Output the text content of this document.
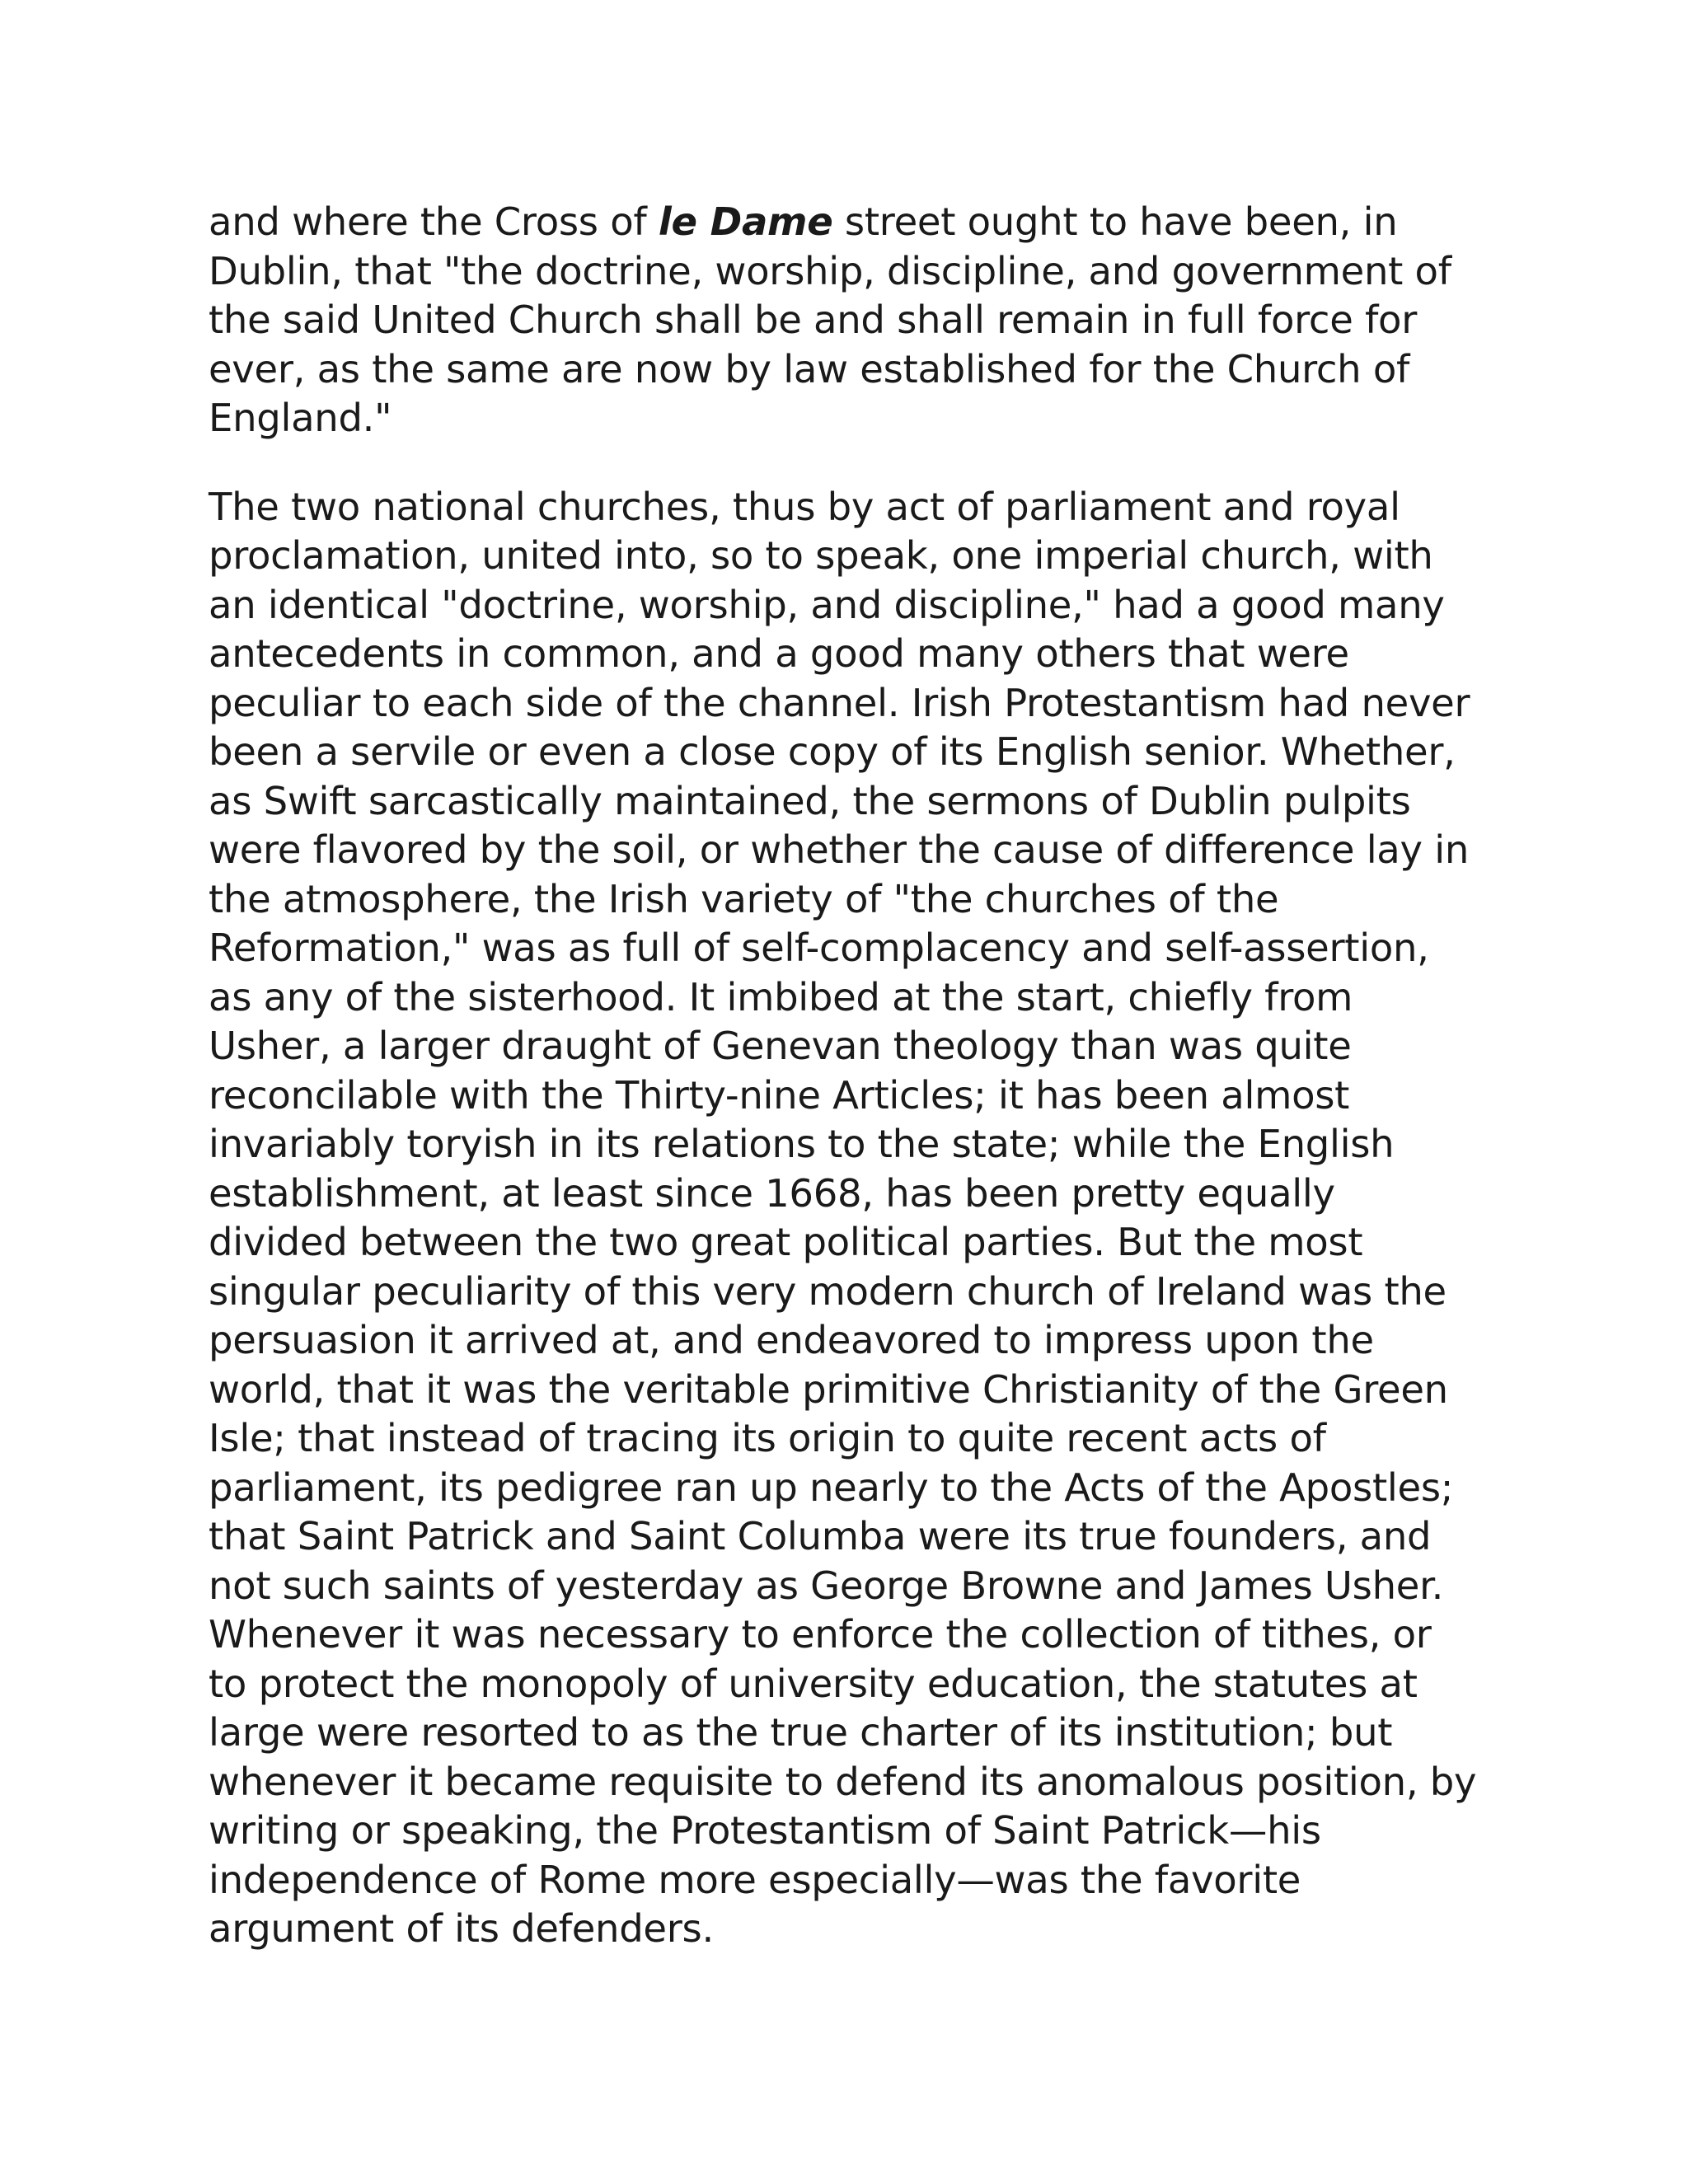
and where the Cross of le Dame street ought to have been, in Dublin, that "the doctrine, worship, discipline, and government of the said United Church shall be and shall remain in full force for ever, as the same are now by law established for the Church of England."

The two national churches, thus by act of parliament and royal proclamation, united into, so to speak, one imperial church, with an identical "doctrine, worship, and discipline," had a good many antecedents in common, and a good many others that were peculiar to each side of the channel. Irish Protestantism had never been a servile or even a close copy of its English senior. Whether, as Swift sarcastically maintained, the sermons of Dublin pulpits were flavored by the soil, or whether the cause of difference lay in the atmosphere, the Irish variety of "the churches of the Reformation," was as full of self-complacency and self-assertion, as any of the sisterhood. It imbibed at the start, chiefly from Usher, a larger draught of Genevan theology than was quite reconcilable with the Thirty-nine Articles; it has been almost invariably toryish in its relations to the state; while the English establishment, at least since 1668, has been pretty equally divided between the two great political parties. But the most singular peculiarity of this very modern church of Ireland was the persuasion it arrived at, and endeavored to impress upon the world, that it was the veritable primitive Christianity of the Green Isle; that instead of tracing its origin to quite recent acts of parliament, its pedigree ran up nearly to the Acts of the Apostles; that Saint Patrick and Saint Columba were its true founders, and not such saints of yesterday as George Browne and James Usher. Whenever it was necessary to enforce the collection of tithes, or to protect the monopoly of university education, the statutes at large were resorted to as the true charter of its institution; but whenever it became requisite to defend its anomalous position, by writing or speaking, the Protestantism of Saint Patrick—his independence of Rome more especially—was the favorite argument of its defenders.
